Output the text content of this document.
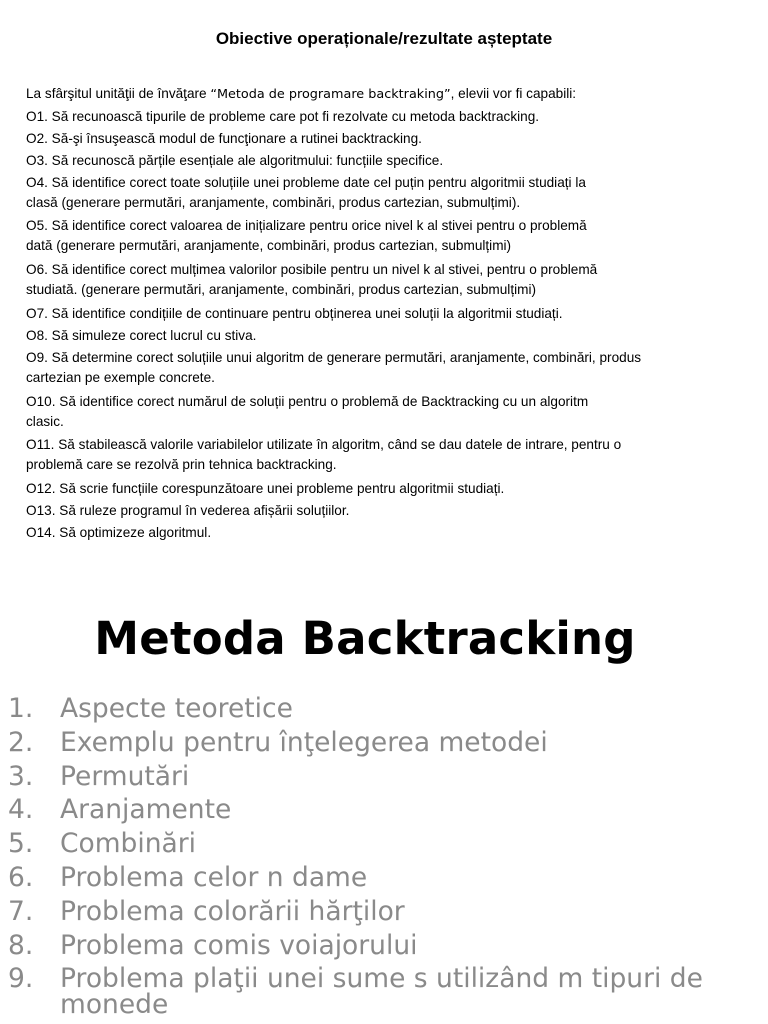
Obiective operaționale/rezultate așteptate

La sfârşitul unităţii de învăţare “Metoda de programare backtraking”, elevii vor fi capabili:

O1. Să recunoască tipurile de probleme care pot fi rezolvate cu metoda backtracking.

O2. Să-şi însuşească modul de funcţionare a rutinei backtracking.

O3. Să recunoscă părțile esențiale ale algoritmului: funcțiile specifice.

O4. Să identifice corect toate soluțiile unei probleme date cel puțin pentru algoritmii studiați la
clasă (generare permutări, aranjamente, combinări, produs cartezian, submulțimi).

O5. Să identifice corect valoarea de inițializare pentru orice nivel k al stivei pentru o problemă
dată (generare permutări, aranjamente, combinări, produs cartezian, submulțimi)

O6. Să identifice corect mulțimea valorilor posibile pentru un nivel k al stivei, pentru o problemă
studiată. (generare permutări, aranjamente, combinări, produs cartezian, submulțimi)

O7. Să identifice condițiile de continuare pentru obținerea unei soluții la algoritmii studiați.

O8. Să simuleze corect lucrul cu stiva.

O9. Să determine corect soluțiile unui algoritm de generare permutări, aranjamente, combinări, produs
cartezian pe exemple concrete.

O10. Să identifice corect numărul de soluții pentru o problemă de Backtracking cu un algoritm
clasic.

O11. Să stabilească valorile variabilelor utilizate în algoritm, când se dau datele de intrare, pentru o
problemă care se rezolvă prin tehnica backtracking.

O12. Să scrie funcțiile corespunzătoare unei probleme pentru algoritmii studiați.

O13. Să ruleze programul în vederea afișării soluțiilor.

O14. Să optimizeze algoritmul.

Metoda Backtracking
1. Aspecte teoretice
2. Exemplu pentru înţelegerea metodei
3. Permutări
4. Aranjamente
5. Combinări
6. Problema celor n dame
7. Problema colorării hărţilor
8. Problema comis voiajorului
9. Problema plaţii unei sume s utilizând m tipuri de monede
